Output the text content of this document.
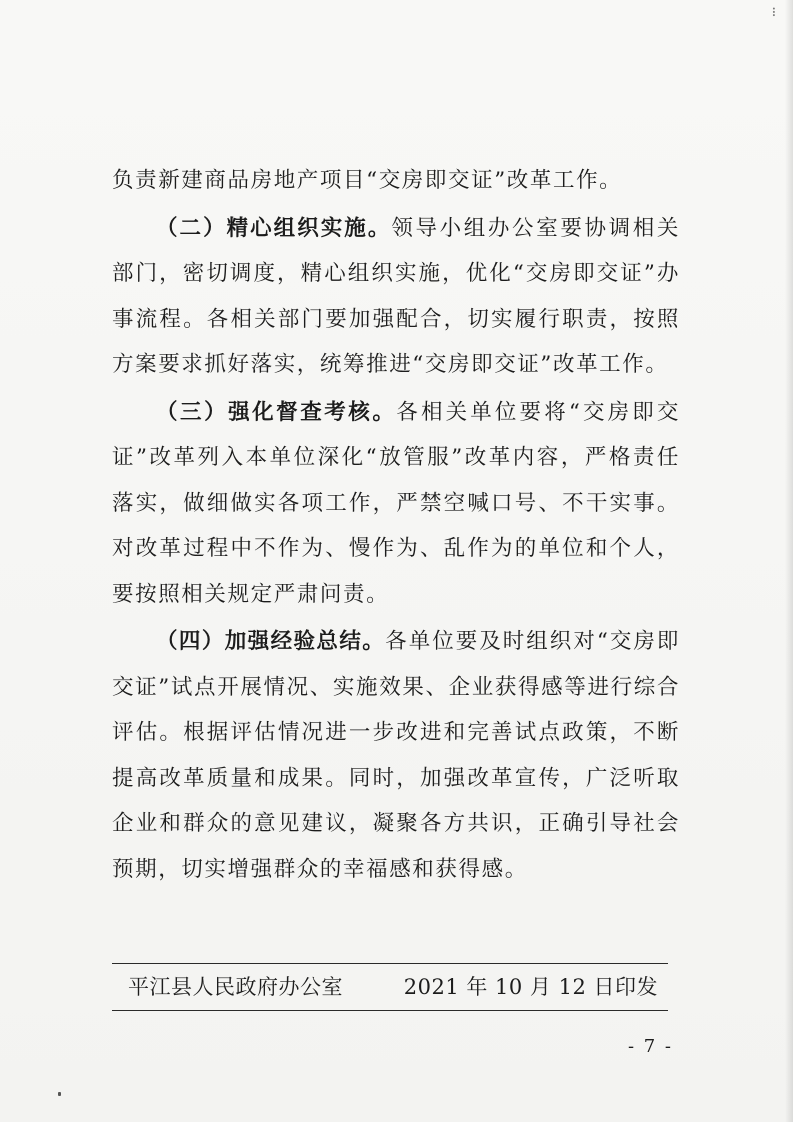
⠇

负责新建商品房地产项目“交房即交证”改革工作。

（二）精心组织实施。领导小组办公室要协调相关部门，密切调度，精心组织实施，优化“交房即交证”办事流程。各相关部门要加强配合，切实履行职责，按照方案要求抓好落实，统筹推进“交房即交证”改革工作。

（三）强化督查考核。各相关单位要将“交房即交证”改革列入本单位深化“放管服”改革内容，严格责任落实，做细做实各项工作，严禁空喊口号、不干实事。对改革过程中不作为、慢作为、乱作为的单位和个人，要按照相关规定严肃问责。

（四）加强经验总结。各单位要及时组织对“交房即交证”试点开展情况、实施效果、企业获得感等进行综合评估。根据评估情况进一步改进和完善试点政策，不断提高改革质量和成果。同时，加强改革宣传，广泛听取企业和群众的意见建议，凝聚各方共识，正确引导社会预期，切实增强群众的幸福感和获得感。

平江县人民政府办公室	2021 年 10 月 12 日印发
- 7 -
